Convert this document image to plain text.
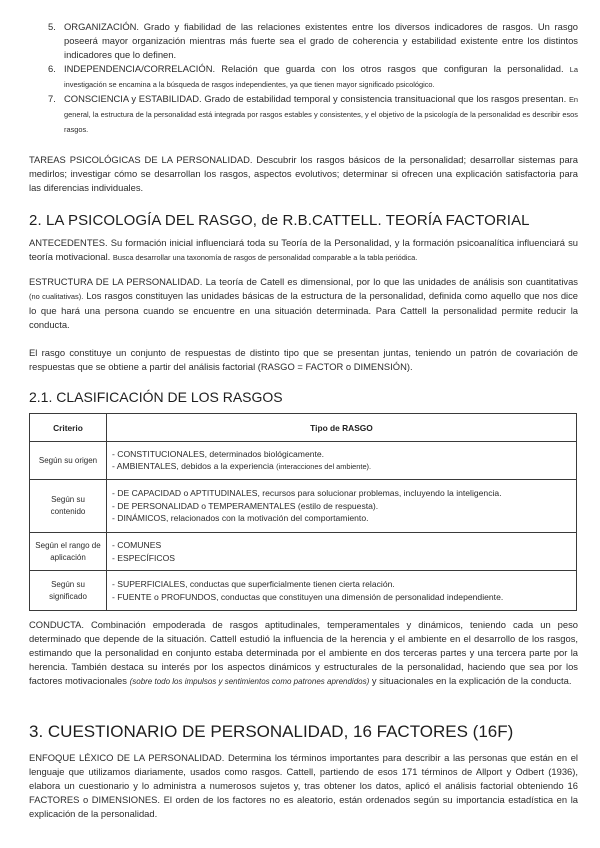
5. ORGANIZACIÓN. Grado y fiabilidad de las relaciones existentes entre los diversos indicadores de rasgos. Un rasgo poseerá mayor organización mientras más fuerte sea el grado de coherencia y estabilidad existente entre los distintos indicadores que lo definen.
6. INDEPENDENCIA/CORRELACIÓN. Relación que guarda con los otros rasgos que configuran la personalidad. La investigación se encamina a la búsqueda de rasgos independientes, ya que tienen mayor significado psicológico.
7. CONSCIENCIA y ESTABILIDAD. Grado de estabilidad temporal y consistencia transituacional que los rasgos presentan. En general, la estructura de la personalidad está integrada por rasgos estables y consistentes, y el objetivo de la psicología de la personalidad es describir esos rasgos.

TAREAS PSICOLÓGICAS DE LA PERSONALIDAD. Descubrir los rasgos básicos de la personalidad; desarrollar sistemas para medirlos; investigar cómo se desarrollan los rasgos, aspectos evolutivos; determinar si ofrecen una explicación satisfactoria para las diferencias individuales.

2. LA PSICOLOGÍA DEL RASGO, de R.B.CATTELL. TEORÍA FACTORIAL

ANTECEDENTES. Su formación inicial influenciará toda su Teoría de la Personalidad, y la formación psicoanalítica influenciará su teoría motivacional. Busca desarrollar una taxonomía de rasgos de personalidad comparable a la tabla periódica.

ESTRUCTURA DE LA PERSONALIDAD. La teoría de Catell es dimensional, por lo que las unidades de análisis son cuantitativas (no cualitativas). Los rasgos constituyen las unidades básicas de la estructura de la personalidad, definida como aquello que nos dice lo que hará una persona cuando se encuentre en una situación determinada. Para Cattell la personalidad permite reducir la conducta.

El rasgo constituye un conjunto de respuestas de distinto tipo que se presentan juntas, teniendo un patrón de covariación de respuestas que se obtiene a partir del análisis factorial (RASGO = FACTOR o DIMENSIÓN).

2.1. CLASIFICACIÓN DE LOS RASGOS
Criterio	Tipo de RASGO
Según su origen	- CONSTITUCIONALES, determinados biológicamente.
- AMBIENTALES, debidos a la experiencia (interacciones del ambiente).

Según su contenido	- DE CAPACIDAD o APTITUDINALES, recursos para solucionar problemas, incluyendo la inteligencia.
- DE PERSONALIDAD o TEMPERAMENTALES (estilo de respuesta).
- DINÁMICOS, relacionados con la motivación del comportamiento.

Según el rango de aplicación	- COMUNES
- ESPECÍFICOS

Según su significado	- SUPERFICIALES, conductas que superficialmente tienen cierta relación.
- FUENTE o PROFUNDOS, conductas que constituyen una dimensión de personalidad independiente.

CONDUCTA. Combinación empoderada de rasgos aptitudinales, temperamentales y dinámicos, teniendo cada un peso determinado que depende de la situación. Cattell estudió la influencia de la herencia y el ambiente en el desarrollo de los rasgos, estimando que la personalidad en conjunto estaba determinada por el ambiente en dos terceras partes y una tercera parte por la herencia. También destaca su interés por los aspectos dinámicos y estructurales de la personalidad, haciendo que sea por los factores motivacionales (sobre todo los impulsos y sentimientos como patrones aprendidos) y situacionales en la explicación de la conducta.

3. CUESTIONARIO DE PERSONALIDAD, 16 FACTORES (16F)

ENFOQUE LÉXICO DE LA PERSONALIDAD. Determina los términos importantes para describir a las personas que están en el lenguaje que utilizamos diariamente, usados como rasgos. Cattell, partiendo de esos 171 términos de Allport y Odbert (1936), elabora un cuestionario y lo administra a numerosos sujetos y, tras obtener los datos, aplicó el análisis factorial obteniendo 16 FACTORES o DIMENSIONES. El orden de los factores no es aleatorio, están ordenados según su importancia estadística en la explicación de la personalidad.
